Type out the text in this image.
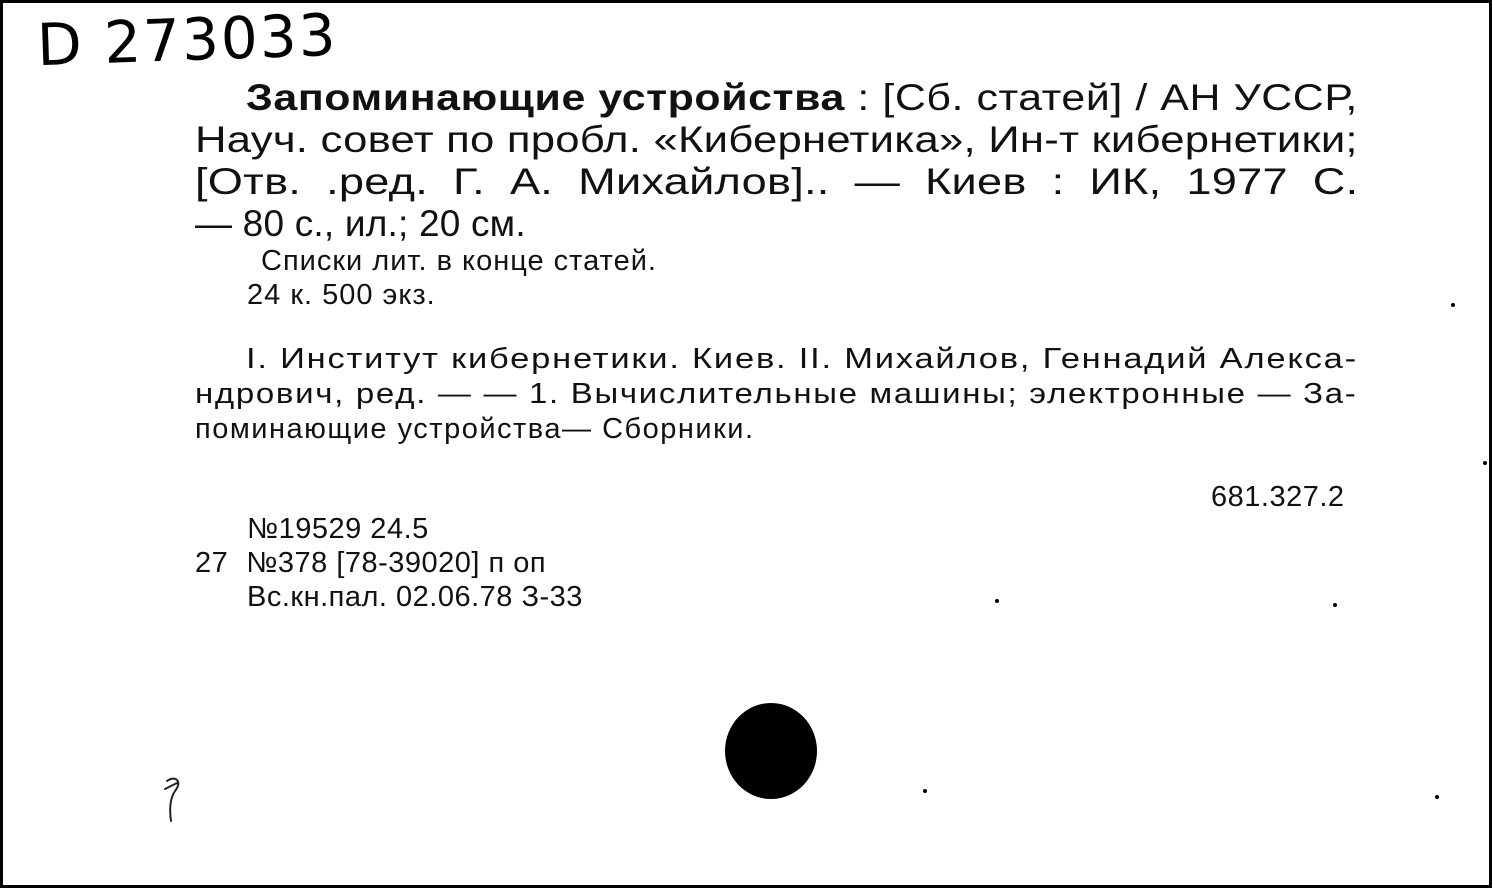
D 273033
Запоминающие устройства : [Сб. статей] / АН УССР,
Науч. совет по пробл. «Кибернетика», Ин-т кибернетики;
[Отв. .ред. Г. А. Михайлов].. — Киев : ИК, 1977 С.
— 80 с., ил.; 20 см.
Списки лит. в конце статей.
24 к. 500 экз.
I. Институт кибернетики. Киев. II. Михайлов, Геннадий Алекса-
ндрович, ред. — — 1. Вычислительные машины; электронные — За-
поминающие устройства— Сборники.
681.327.2
№19529 24.5
27 №378 [78-39020] п оп
Вс.кн.пал. 02.06.78 З-33
